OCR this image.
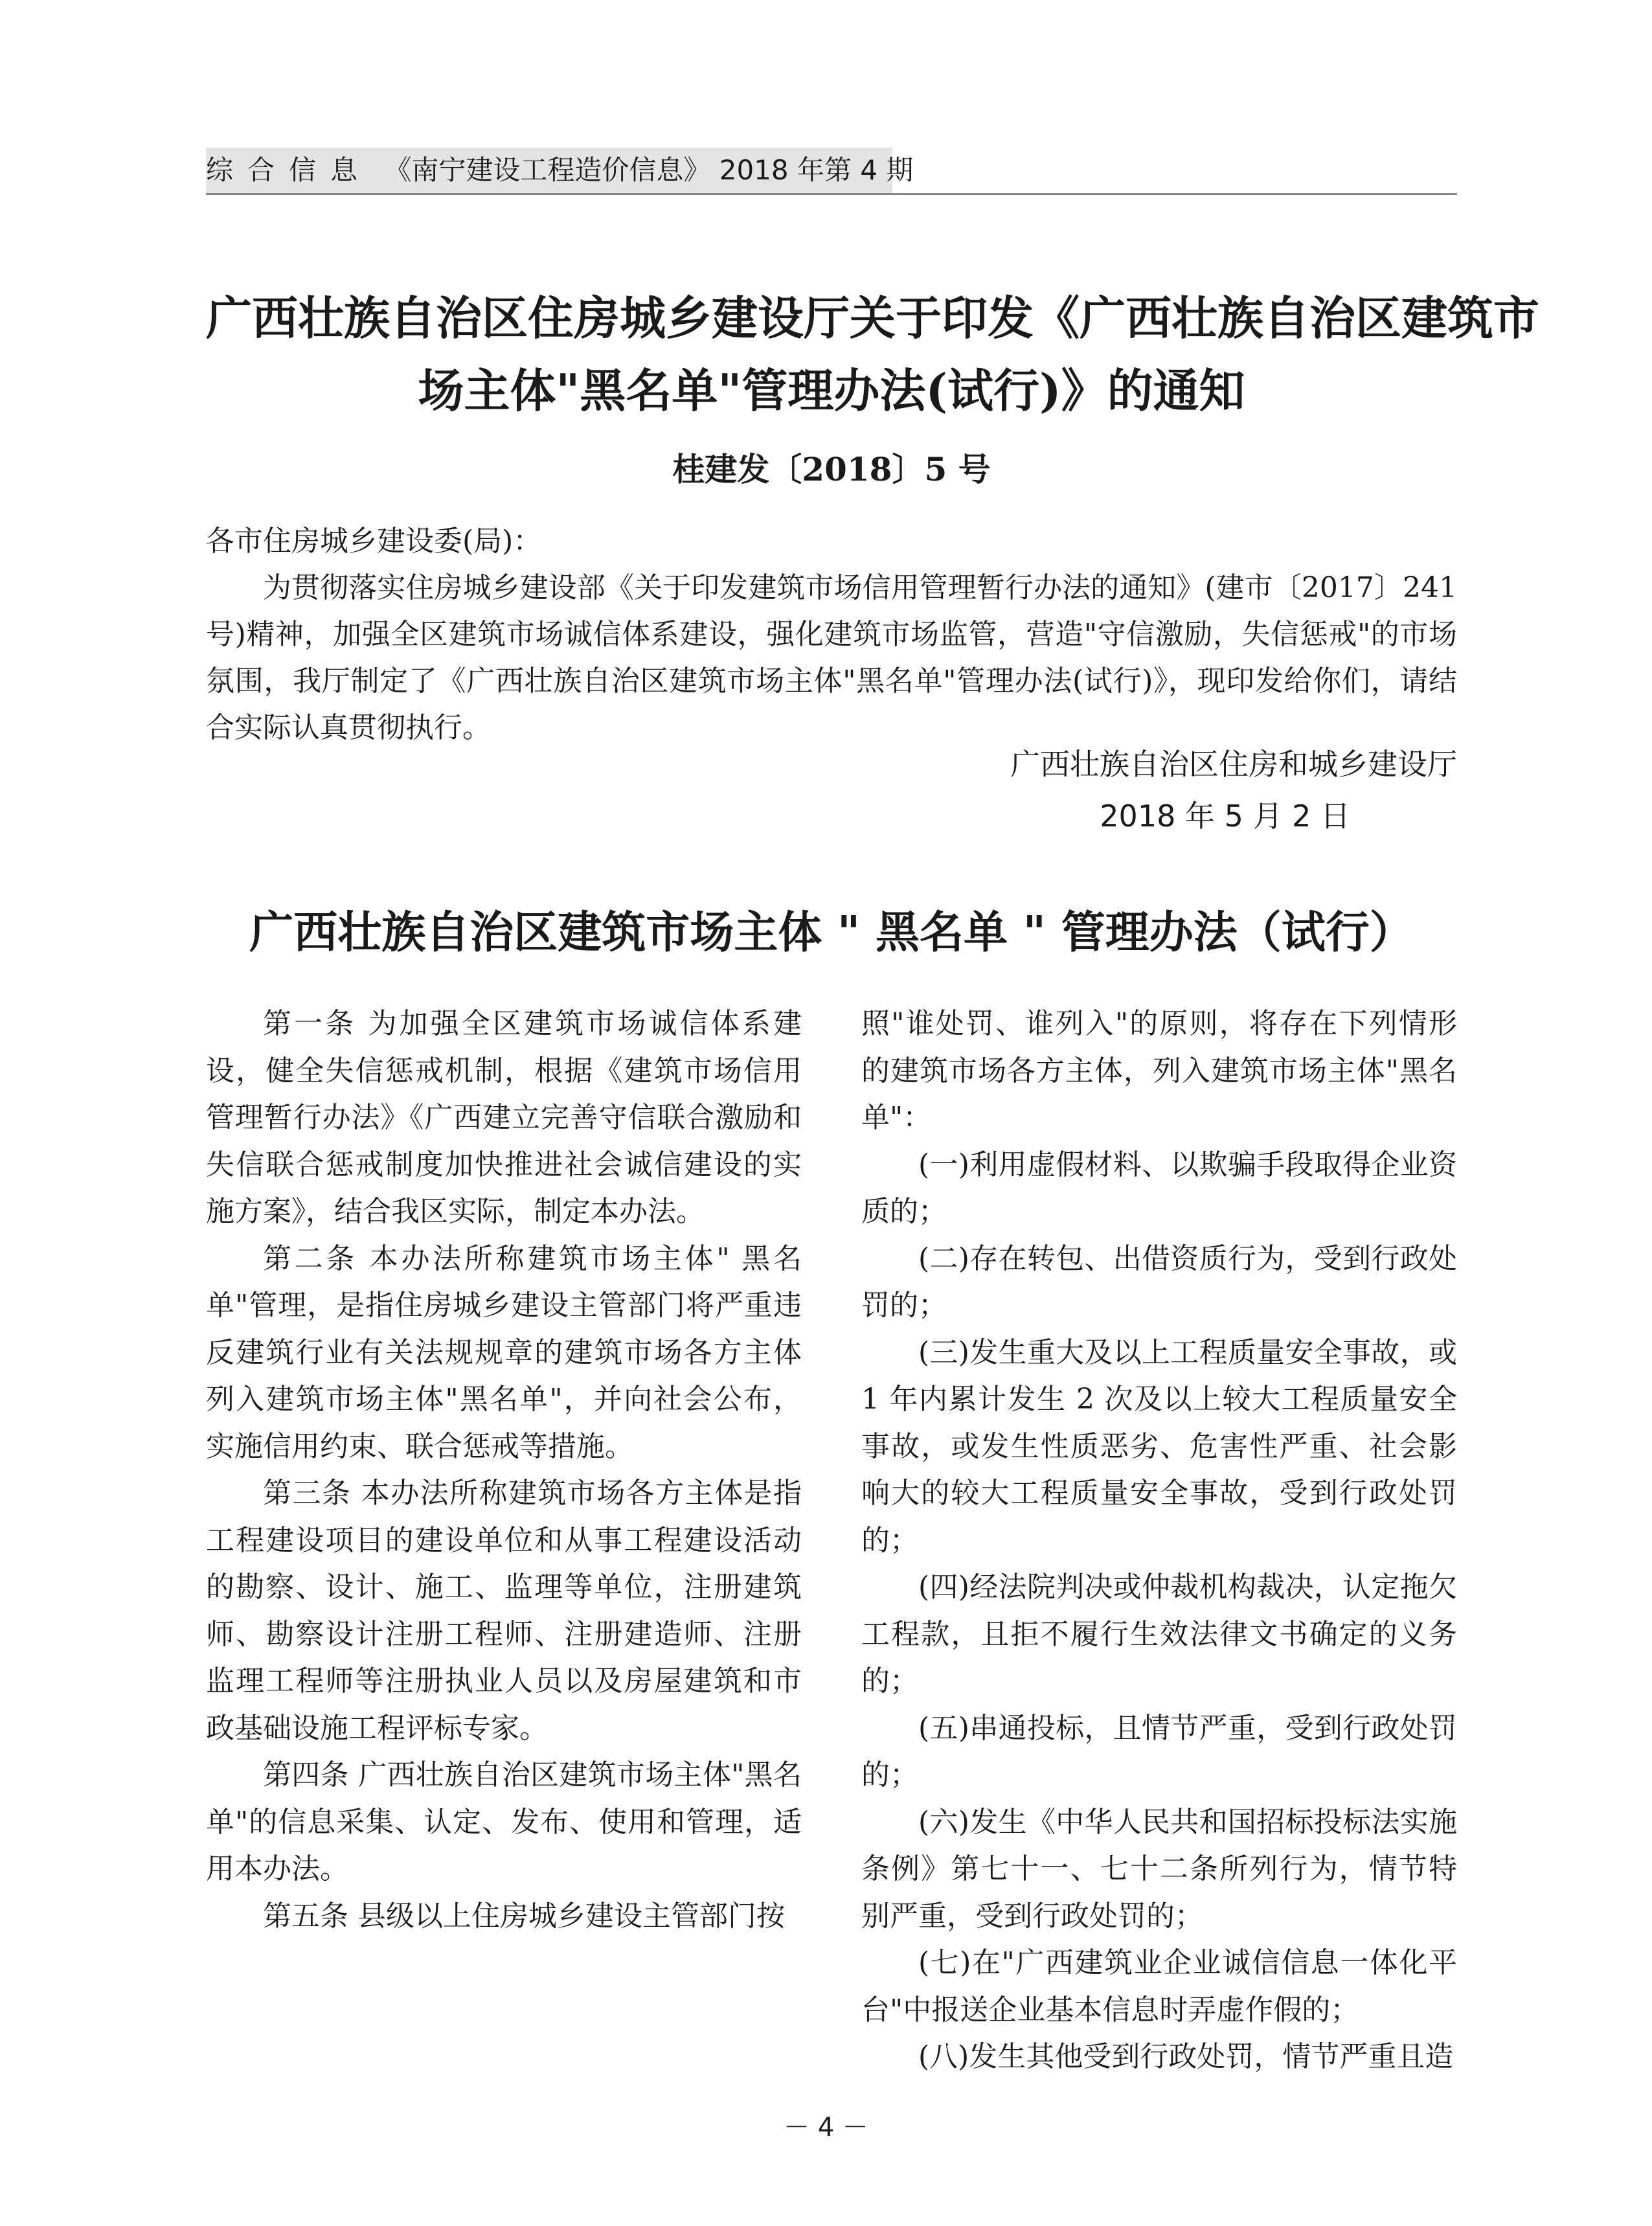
综合信息 《南宁建设工程造价信息》 2018 年第 4 期
广西壮族自治区住房城乡建设厅关于印发《广西壮族自治区建筑市
场主体"黑名单"管理办法(试行)》的通知
桂建发〔2018〕5 号

各市住房城乡建设委(局)：

为贯彻落实住房城乡建设部《关于印发建筑市场信用管理暂行办法的通知》(建市〔2017〕241 号)精神，加强全区建筑市场诚信体系建设，强化建筑市场监管，营造"守信激励，失信惩戒"的市场氛围，我厅制定了《广西壮族自治区建筑市场主体"黑名单"管理办法(试行)》，现印发给你们，请结合实际认真贯彻执行。

广西壮族自治区住房和城乡建设厅
2018 年 5 月 2 日
广西壮族自治区建筑市场主体 " 黑名单 " 管理办法（试行）

第一条 为加强全区建筑市场诚信体系建设，健全失信惩戒机制，根据《建筑市场信用管理暂行办法》《广西建立完善守信联合激励和失信联合惩戒制度加快推进社会诚信建设的实施方案》，结合我区实际，制定本办法。

第二条 本办法所称建筑市场主体" 黑名单"管理，是指住房城乡建设主管部门将严重违反建筑行业有关法规规章的建筑市场各方主体列入建筑市场主体"黑名单"，并向社会公布，实施信用约束、联合惩戒等措施。

第三条 本办法所称建筑市场各方主体是指工程建设项目的建设单位和从事工程建设活动的勘察、设计、施工、监理等单位，注册建筑师、勘察设计注册工程师、注册建造师、注册监理工程师等注册执业人员以及房屋建筑和市政基础设施工程评标专家。

第四条 广西壮族自治区建筑市场主体"黑名单"的信息采集、认定、发布、使用和管理，适用本办法。

第五条 县级以上住房城乡建设主管部门按

照"谁处罚、谁列入"的原则，将存在下列情形的建筑市场各方主体，列入建筑市场主体"黑名单"：

(一)利用虚假材料、以欺骗手段取得企业资质的；

(二)存在转包、出借资质行为，受到行政处罚的；

(三)发生重大及以上工程质量安全事故，或1 年内累计发生 2 次及以上较大工程质量安全事故，或发生性质恶劣、危害性严重、社会影响大的较大工程质量安全事故，受到行政处罚的；

(四)经法院判决或仲裁机构裁决，认定拖欠工程款，且拒不履行生效法律文书确定的义务的；

(五)串通投标，且情节严重，受到行政处罚的；

(六)发生《中华人民共和国招标投标法实施条例》第七十一、七十二条所列行为，情节特别严重，受到行政处罚的；

(七)在"广西建筑业企业诚信信息一体化平台"中报送企业基本信息时弄虚作假的；

(八)发生其他受到行政处罚，情节严重且造

－ 4 －
